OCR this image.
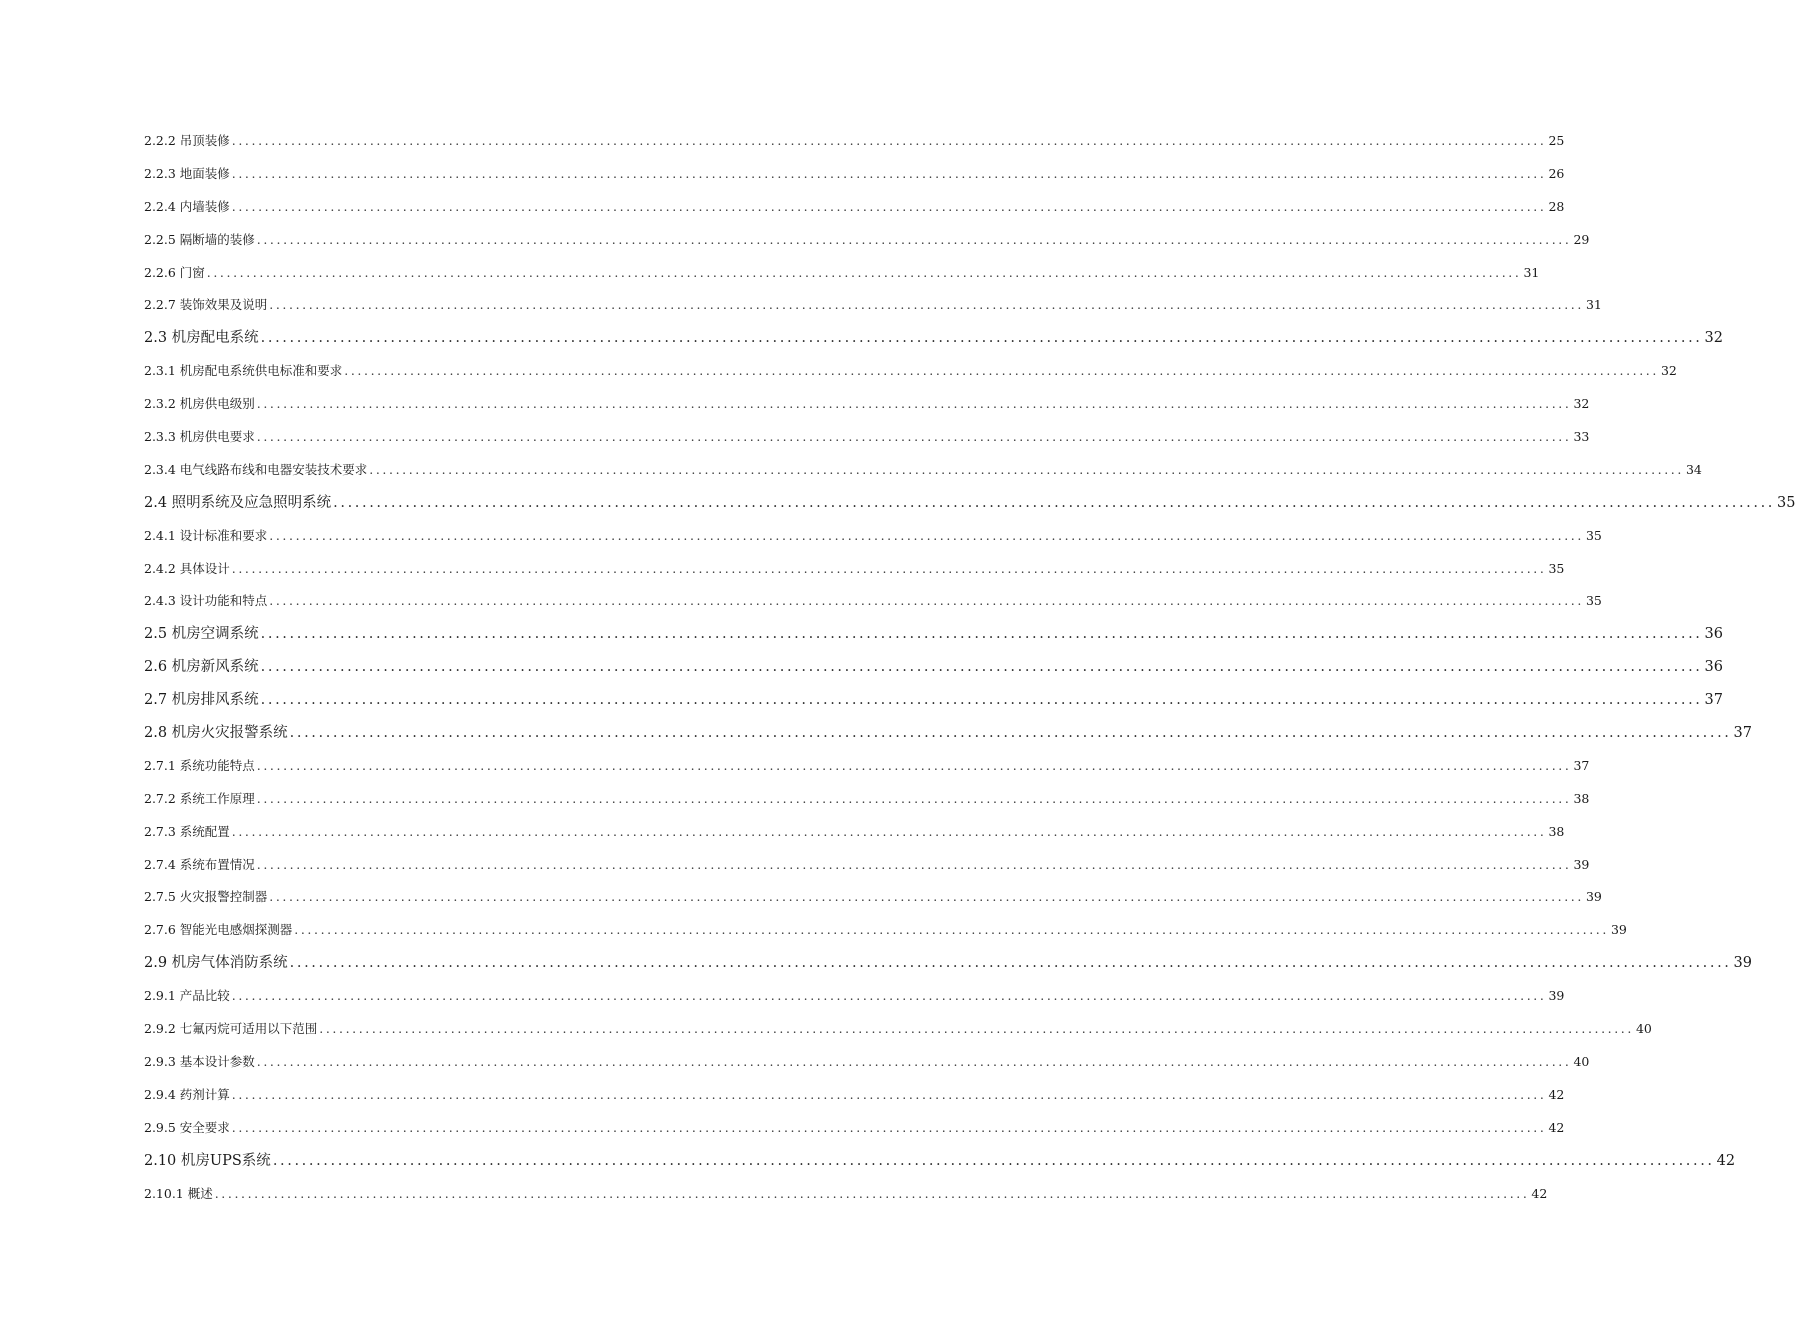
2.2.2 吊顶装修 ........................................................................................................................................................................................................ 25
2.2.3 地面装修 ........................................................................................................................................................................................................ 26
2.2.4 内墙装修 ........................................................................................................................................................................................................ 28
2.2.5 隔断墙的装修 ........................................................................................................................................................................................................ 29
2.2.6 门窗 ........................................................................................................................................................................................................ 31
2.2.7 装饰效果及说明 ........................................................................................................................................................................................................ 31
2.3 机房配电系统 ........................................................................................................................................................................................................ 32
2.3.1 机房配电系统供电标准和要求 ........................................................................................................................................................................................................ 32
2.3.2 机房供电级别 ........................................................................................................................................................................................................ 32
2.3.3 机房供电要求 ........................................................................................................................................................................................................ 33
2.3.4 电气线路布线和电器安装技术要求 ........................................................................................................................................................................................................ 34
2.4 照明系统及应急照明系统 ........................................................................................................................................................................................................ 35
2.4.1 设计标准和要求 ........................................................................................................................................................................................................ 35
2.4.2 具体设计 ........................................................................................................................................................................................................ 35
2.4.3 设计功能和特点 ........................................................................................................................................................................................................ 35
2.5 机房空调系统 ........................................................................................................................................................................................................ 36
2.6 机房新风系统 ........................................................................................................................................................................................................ 36
2.7 机房排风系统 ........................................................................................................................................................................................................ 37
2.8 机房火灾报警系统 ........................................................................................................................................................................................................ 37
2.7.1 系统功能特点 ........................................................................................................................................................................................................ 37
2.7.2 系统工作原理 ........................................................................................................................................................................................................ 38
2.7.3 系统配置 ........................................................................................................................................................................................................ 38
2.7.4 系统布置情况 ........................................................................................................................................................................................................ 39
2.7.5 火灾报警控制器 ........................................................................................................................................................................................................ 39
2.7.6 智能光电感烟探测器 ........................................................................................................................................................................................................ 39
2.9 机房气体消防系统 ........................................................................................................................................................................................................ 39
2.9.1 产品比较 ........................................................................................................................................................................................................ 39
2.9.2 七氟丙烷可适用以下范围 ........................................................................................................................................................................................................ 40
2.9.3 基本设计参数 ........................................................................................................................................................................................................ 40
2.9.4 药剂计算 ........................................................................................................................................................................................................ 42
2.9.5 安全要求 ........................................................................................................................................................................................................ 42
2.10 机房UPS系统 ........................................................................................................................................................................................................ 42
2.10.1 概述 ........................................................................................................................................................................................................ 42
